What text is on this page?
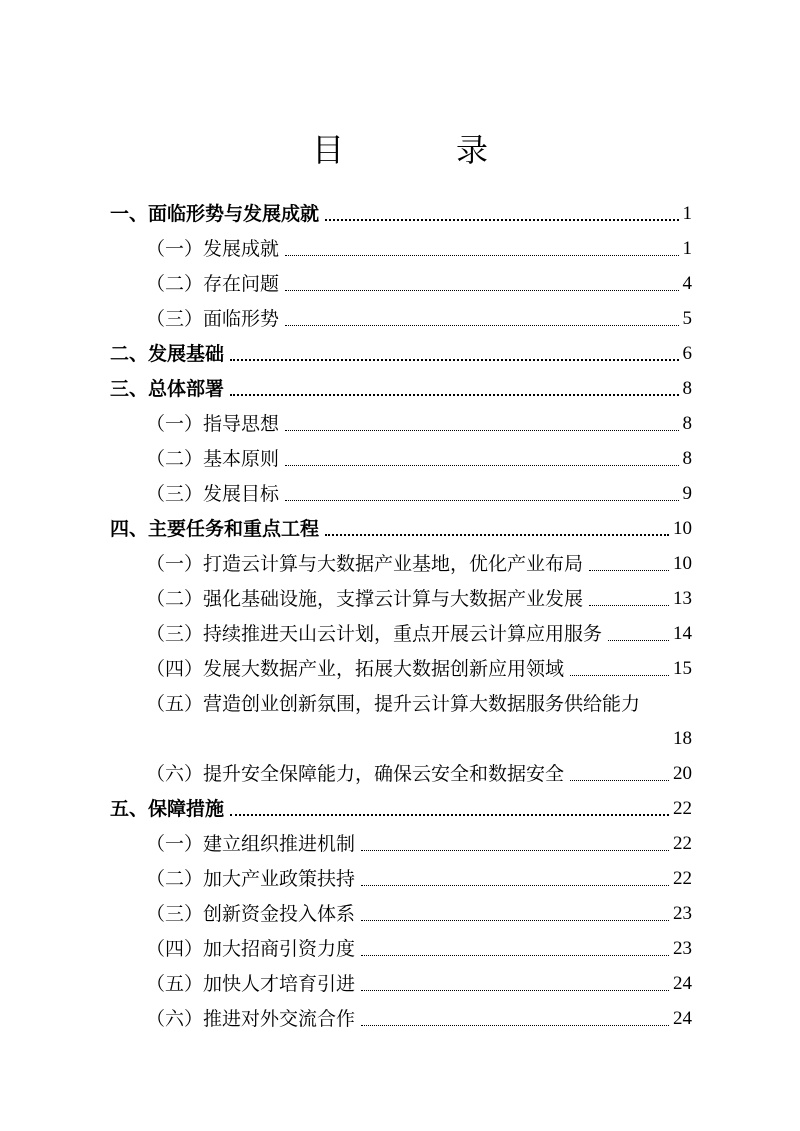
目　录
一、面临形势与发展成就	1
（一）发展成就	1
（二）存在问题	4
（三）面临形势	5
二、发展基础	6
三、总体部署	8
（一）指导思想	8
（二）基本原则	8
（三）发展目标	9
四、主要任务和重点工程	10
（一）打造云计算与大数据产业基地，优化产业布局	10
（二）强化基础设施，支撑云计算与大数据产业发展	13
（三）持续推进天山云计划，重点开展云计算应用服务	14
（四）发展大数据产业，拓展大数据创新应用领域	15
（五）营造创业创新氛围，提升云计算大数据服务供给能力
18
（六）提升安全保障能力，确保云安全和数据安全	20
五、保障措施	22
（一）建立组织推进机制	22
（二）加大产业政策扶持	22
（三）创新资金投入体系	23
（四）加大招商引资力度	23
（五）加快人才培育引进	24
（六）推进对外交流合作	24
